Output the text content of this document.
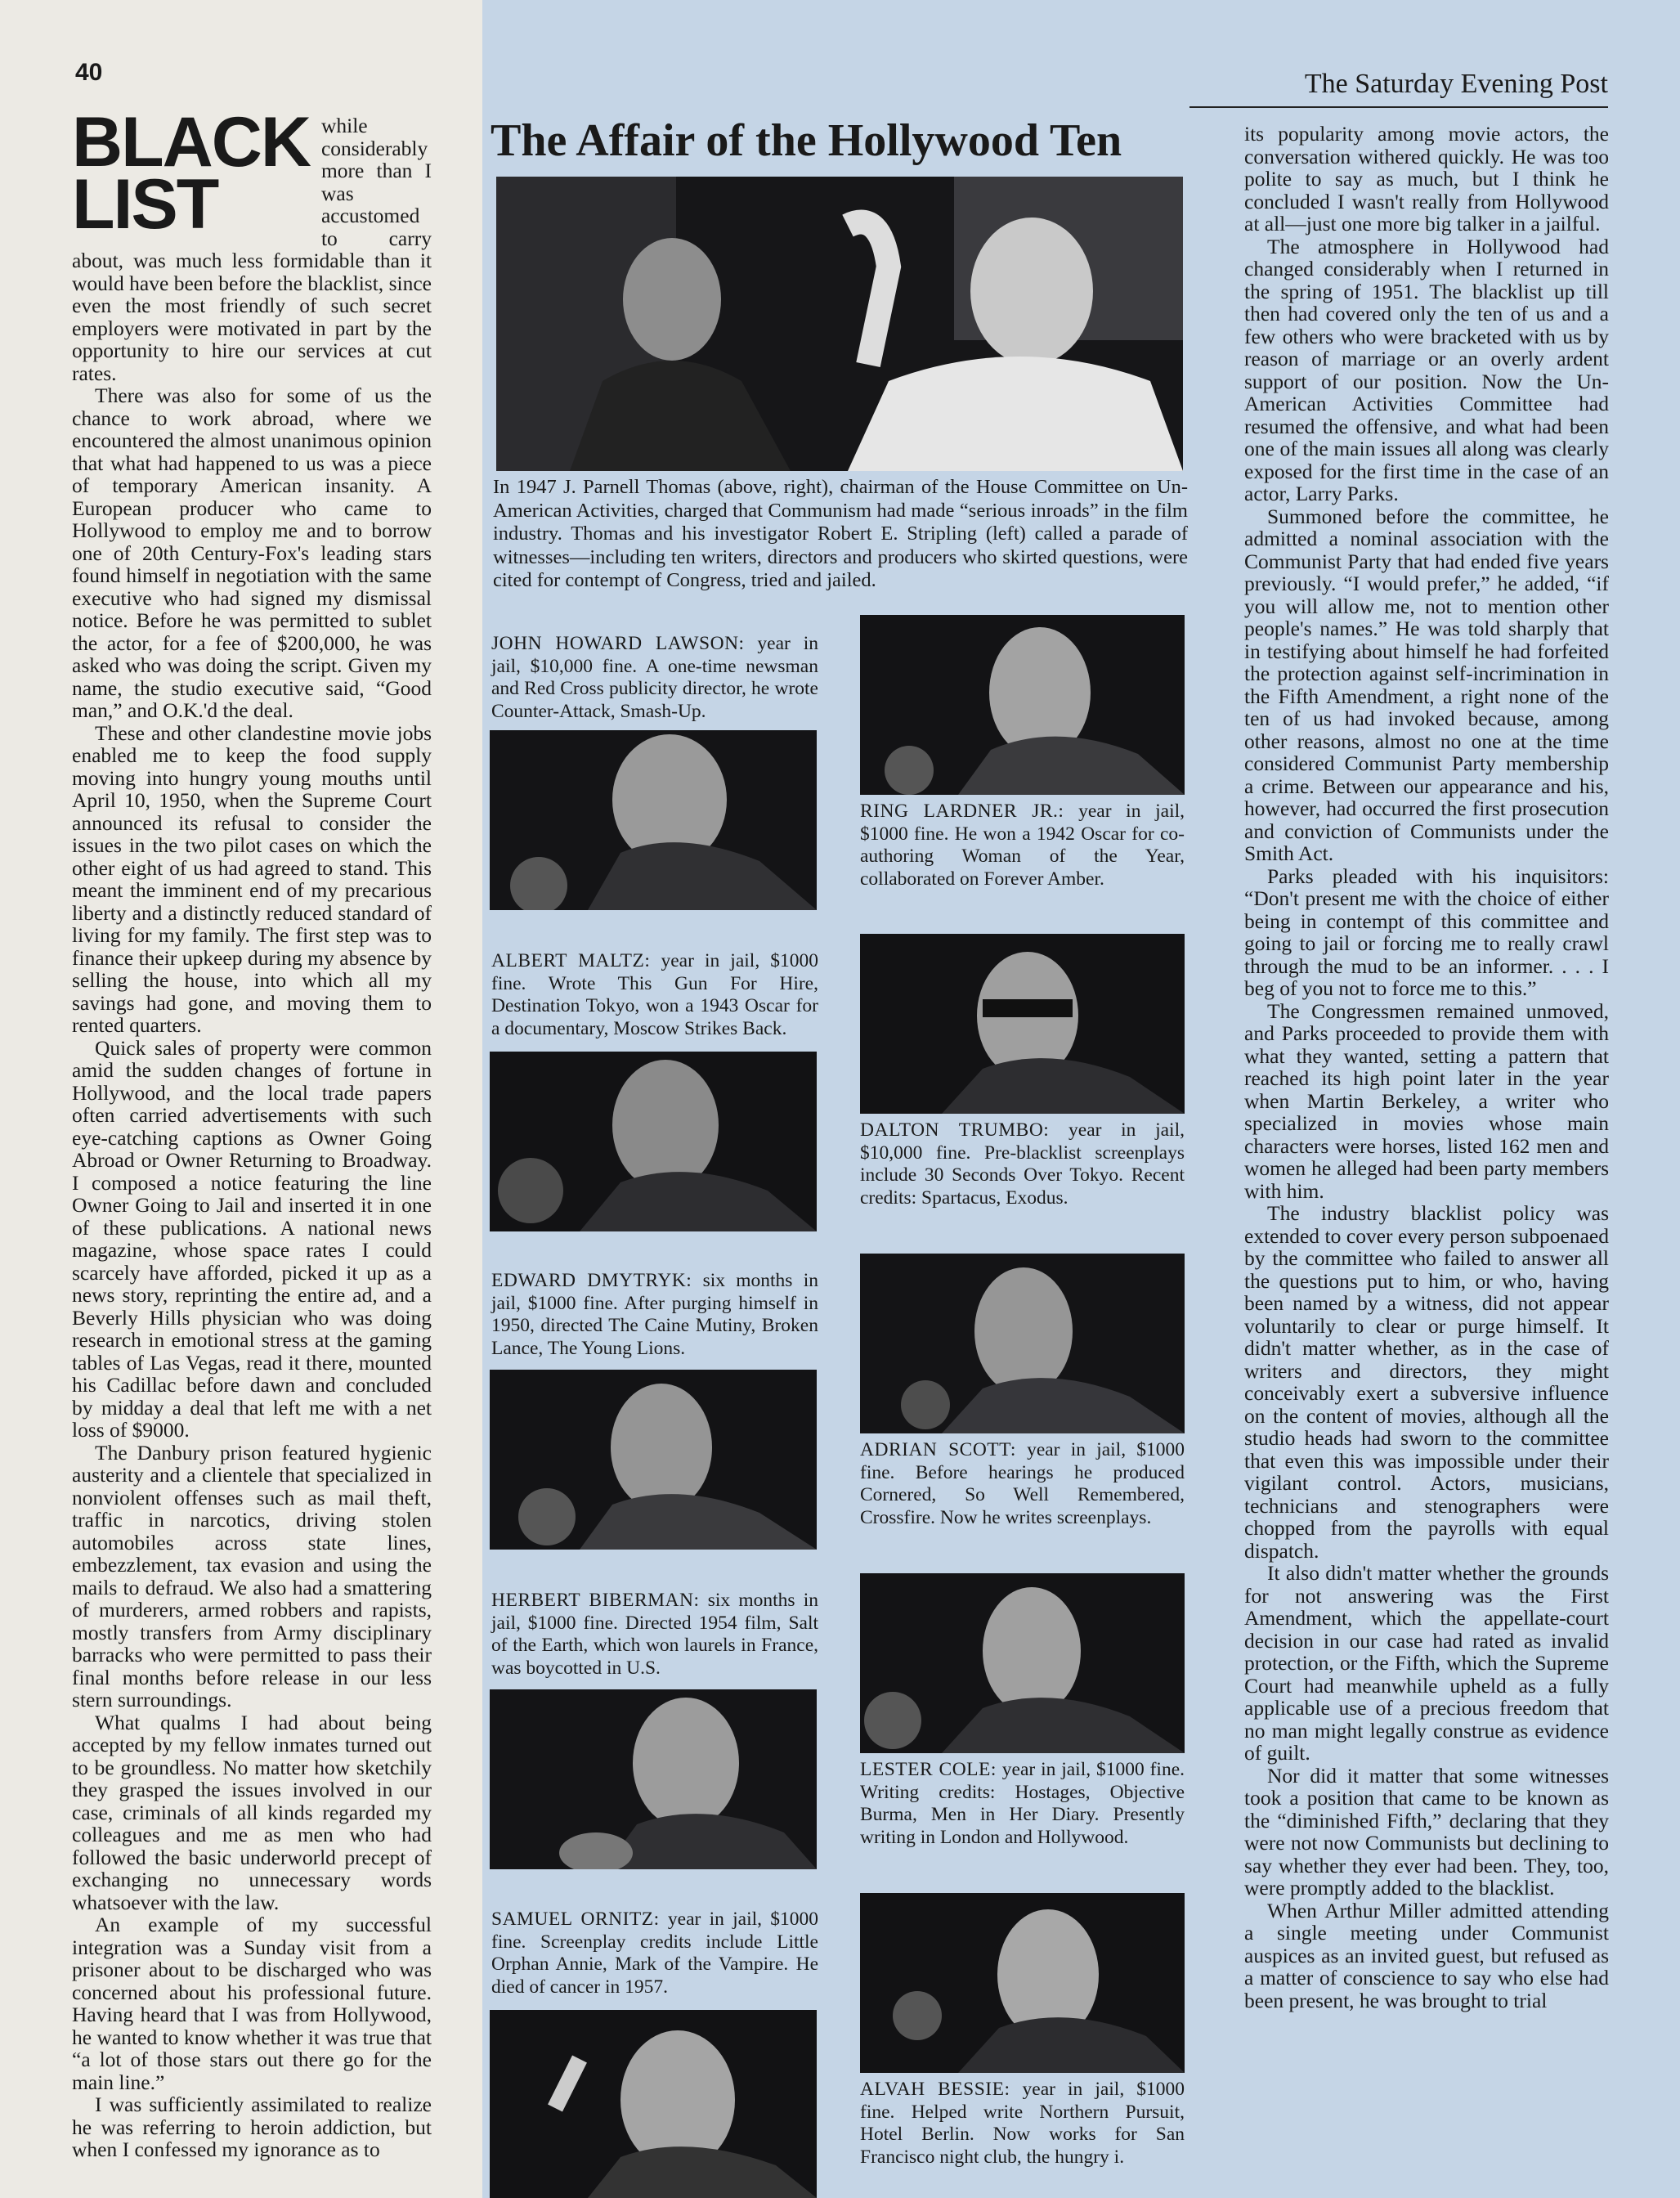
40	The Saturday Evening Post
BLACK
LIST

while considerably more than I was accustomed to carry about, was much less formidable than it would have been before the blacklist, since even the most friendly of such secret employers were motivated in part by the opportunity to hire our services at cut rates.

There was also for some of us the chance to work abroad, where we encountered the almost unanimous opinion that what had happened to us was a piece of temporary American insanity. A European producer who came to Hollywood to employ me and to borrow one of 20th Century-Fox's leading stars found himself in negotiation with the same executive who had signed my dismissal notice. Before he was permitted to sublet the actor, for a fee of $200,000, he was asked who was doing the script. Given my name, the studio executive said, “Good man,” and O.K.'d the deal.

These and other clandestine movie jobs enabled me to keep the food supply moving into hungry young mouths until April 10, 1950, when the Supreme Court announced its refusal to consider the issues in the two pilot cases on which the other eight of us had agreed to stand. This meant the imminent end of my precarious liberty and a distinctly reduced standard of living for my family. The first step was to finance their upkeep during my absence by selling the house, into which all my savings had gone, and moving them to rented quarters.

Quick sales of property were common amid the sudden changes of fortune in Hollywood, and the local trade papers often carried advertisements with such eye-catching captions as Owner Going Abroad or Owner Returning to Broadway. I composed a notice featuring the line Owner Going to Jail and inserted it in one of these publications. A national news magazine, whose space rates I could scarcely have afforded, picked it up as a news story, reprinting the entire ad, and a Beverly Hills physician who was doing research in emotional stress at the gaming tables of Las Vegas, read it there, mounted his Cadillac before dawn and concluded by midday a deal that left me with a net loss of $9000.

The Danbury prison featured hygienic austerity and a clientele that specialized in nonviolent offenses such as mail theft, traffic in narcotics, driving stolen automobiles across state lines, embezzlement, tax evasion and using the mails to defraud. We also had a smattering of murderers, armed robbers and rapists, mostly transfers from Army disciplinary barracks who were permitted to pass their final months before release in our less stern surroundings.

What qualms I had about being accepted by my fellow inmates turned out to be groundless. No matter how sketchily they grasped the issues involved in our case, criminals of all kinds regarded my colleagues and me as men who had followed the basic underworld precept of exchanging no unnecessary words whatsoever with the law.

An example of my successful integration was a Sunday visit from a prisoner about to be discharged who was concerned about his professional future. Having heard that I was from Hollywood, he wanted to know whether it was true that “a lot of those stars out there go for the main line.”

I was sufficiently assimilated to realize he was referring to heroin addiction, but when I confessed my ignorance as to

The Affair of the Hollywood Ten
In 1947 J. Parnell Thomas (above, right), chairman of the House Committee on Un-American Activities, charged that Communism had made “serious inroads” in the film industry. Thomas and his investigator Robert E. Stripling (left) called a parade of witnesses—including ten writers, directors and producers who skirted questions, were cited for contempt of Congress, tried and jailed.
JOHN HOWARD LAWSON: year in jail, $10,000 fine. A one-time newsman and Red Cross publicity director, he wrote Counter-Attack, Smash-Up.
ALBERT MALTZ: year in jail, $1000 fine. Wrote This Gun For Hire, Destination Tokyo, won a 1943 Oscar for a documentary, Moscow Strikes Back.
EDWARD DMYTRYK: six months in jail, $1000 fine. After purging himself in 1950, directed The Caine Mutiny, Broken Lance, The Young Lions.
HERBERT BIBERMAN: six months in jail, $1000 fine. Directed 1954 film, Salt of the Earth, which won laurels in France, was boycotted in U.S.
SAMUEL ORNITZ: year in jail, $1000 fine. Screenplay credits include Little Orphan Annie, Mark of the Vampire. He died of cancer in 1957.
RING LARDNER JR.: year in jail, $1000 fine. He won a 1942 Oscar for co-authoring Woman of the Year, collaborated on Forever Amber.
DALTON TRUMBO: year in jail, $10,000 fine. Pre-blacklist screenplays include 30 Seconds Over Tokyo. Recent credits: Spartacus, Exodus.
ADRIAN SCOTT: year in jail, $1000 fine. Before hearings he produced Cornered, So Well Remembered, Crossfire. Now he writes screenplays.
LESTER COLE: year in jail, $1000 fine. Writing credits: Hostages, Objective Burma, Men in Her Diary. Presently writing in London and Hollywood.
ALVAH BESSIE: year in jail, $1000 fine. Helped write Northern Pursuit, Hotel Berlin. Now works for San Francisco night club, the hungry i.

its popularity among movie actors, the conversation withered quickly. He was too polite to say as much, but I think he concluded I wasn't really from Hollywood at all—just one more big talker in a jailful.

The atmosphere in Hollywood had changed considerably when I returned in the spring of 1951. The blacklist up till then had covered only the ten of us and a few others who were bracketed with us by reason of marriage or an overly ardent support of our position. Now the Un-American Activities Committee had resumed the offensive, and what had been one of the main issues all along was clearly exposed for the first time in the case of an actor, Larry Parks.

Summoned before the committee, he admitted a nominal association with the Communist Party that had ended five years previously. “I would prefer,” he added, “if you will allow me, not to mention other people's names.” He was told sharply that in testifying about himself he had forfeited the protection against self-incrimination in the Fifth Amendment, a right none of the ten of us had invoked because, among other reasons, almost no one at the time considered Communist Party membership a crime. Between our appearance and his, however, had occurred the first prosecution and conviction of Communists under the Smith Act.

Parks pleaded with his inquisitors: “Don't present me with the choice of either being in contempt of this committee and going to jail or forcing me to really crawl through the mud to be an informer. . . . I beg of you not to force me to this.”

The Congressmen remained unmoved, and Parks proceeded to provide them with what they wanted, setting a pattern that reached its high point later in the year when Martin Berkeley, a writer who specialized in movies whose main characters were horses, listed 162 men and women he alleged had been party members with him.

The industry blacklist policy was extended to cover every person subpoenaed by the committee who failed to answer all the questions put to him, or who, having been named by a witness, did not appear voluntarily to clear or purge himself. It didn't matter whether, as in the case of writers and directors, they might conceivably exert a subversive influence on the content of movies, although all the studio heads had sworn to the committee that even this was impossible under their vigilant control. Actors, musicians, technicians and stenographers were chopped from the payrolls with equal dispatch.

It also didn't matter whether the grounds for not answering was the First Amendment, which the appellate-court decision in our case had rated as invalid protection, or the Fifth, which the Supreme Court had meanwhile upheld as a fully applicable use of a precious freedom that no man might legally construe as evidence of guilt.

Nor did it matter that some witnesses took a position that came to be known as the “diminished Fifth,” declaring that they were not now Communists but declining to say whether they ever had been. They, too, were promptly added to the blacklist.

When Arthur Miller admitted attending a single meeting under Communist auspices as an invited guest, but refused as a matter of conscience to say who else had been present, he was brought to trial
